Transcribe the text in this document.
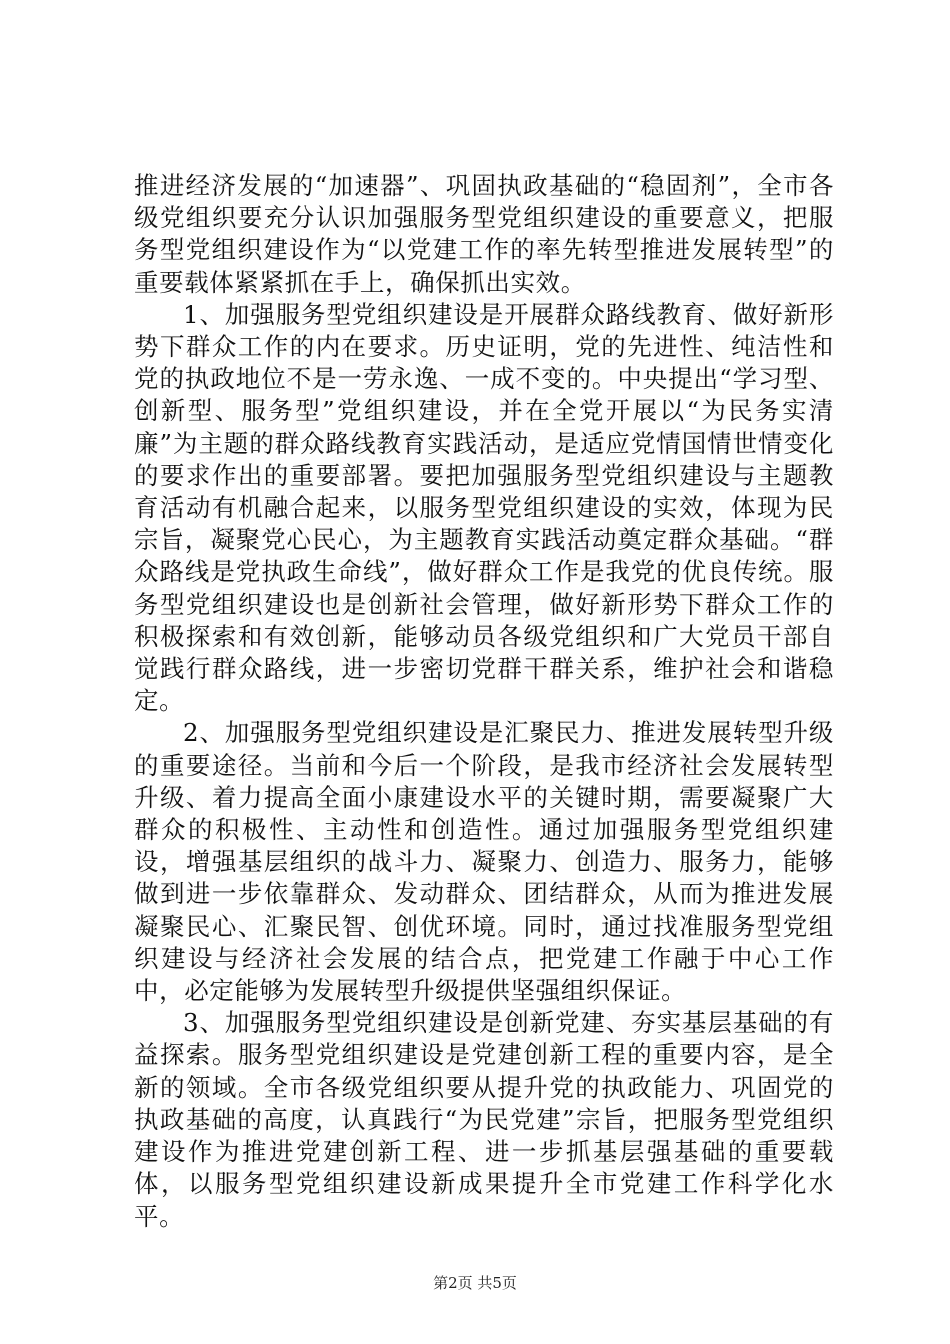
推进经济发展的“加速器”、巩固执政基础的“稳固剂”，全市各级党组织要充分认识加强服务型党组织建设的重要意义，把服务型党组织建设作为“以党建工作的率先转型推进发展转型”的重要载体紧紧抓在手上，确保抓出实效。

1、加强服务型党组织建设是开展群众路线教育、做好新形势下群众工作的内在要求。历史证明，党的先进性、纯洁性和党的执政地位不是一劳永逸、一成不变的。中央提出“学习型、创新型、服务型”党组织建设，并在全党开展以“为民务实清廉”为主题的群众路线教育实践活动，是适应党情国情世情变化的要求作出的重要部署。要把加强服务型党组织建设与主题教育活动有机融合起来，以服务型党组织建设的实效，体现为民宗旨，凝聚党心民心，为主题教育实践活动奠定群众基础。“群众路线是党执政生命线”，做好群众工作是我党的优良传统。服务型党组织建设也是创新社会管理，做好新形势下群众工作的积极探索和有效创新，能够动员各级党组织和广大党员干部自觉践行群众路线，进一步密切党群干群关系，维护社会和谐稳定。

2、加强服务型党组织建设是汇聚民力、推进发展转型升级的重要途径。当前和今后一个阶段，是我市经济社会发展转型升级、着力提高全面小康建设水平的关键时期，需要凝聚广大群众的积极性、主动性和创造性。通过加强服务型党组织建设，增强基层组织的战斗力、凝聚力、创造力、服务力，能够做到进一步依靠群众、发动群众、团结群众，从而为推进发展凝聚民心、汇聚民智、创优环境。同时，通过找准服务型党组织建设与经济社会发展的结合点，把党建工作融于中心工作中，必定能够为发展转型升级提供坚强组织保证。

3、加强服务型党组织建设是创新党建、夯实基层基础的有益探索。服务型党组织建设是党建创新工程的重要内容，是全新的领域。全市各级党组织要从提升党的执政能力、巩固党的执政基础的高度，认真践行“为民党建”宗旨，把服务型党组织建设作为推进党建创新工程、进一步抓基层强基础的重要载体，以服务型党组织建设新成果提升全市党建工作科学化水平。

第2页 共5页
